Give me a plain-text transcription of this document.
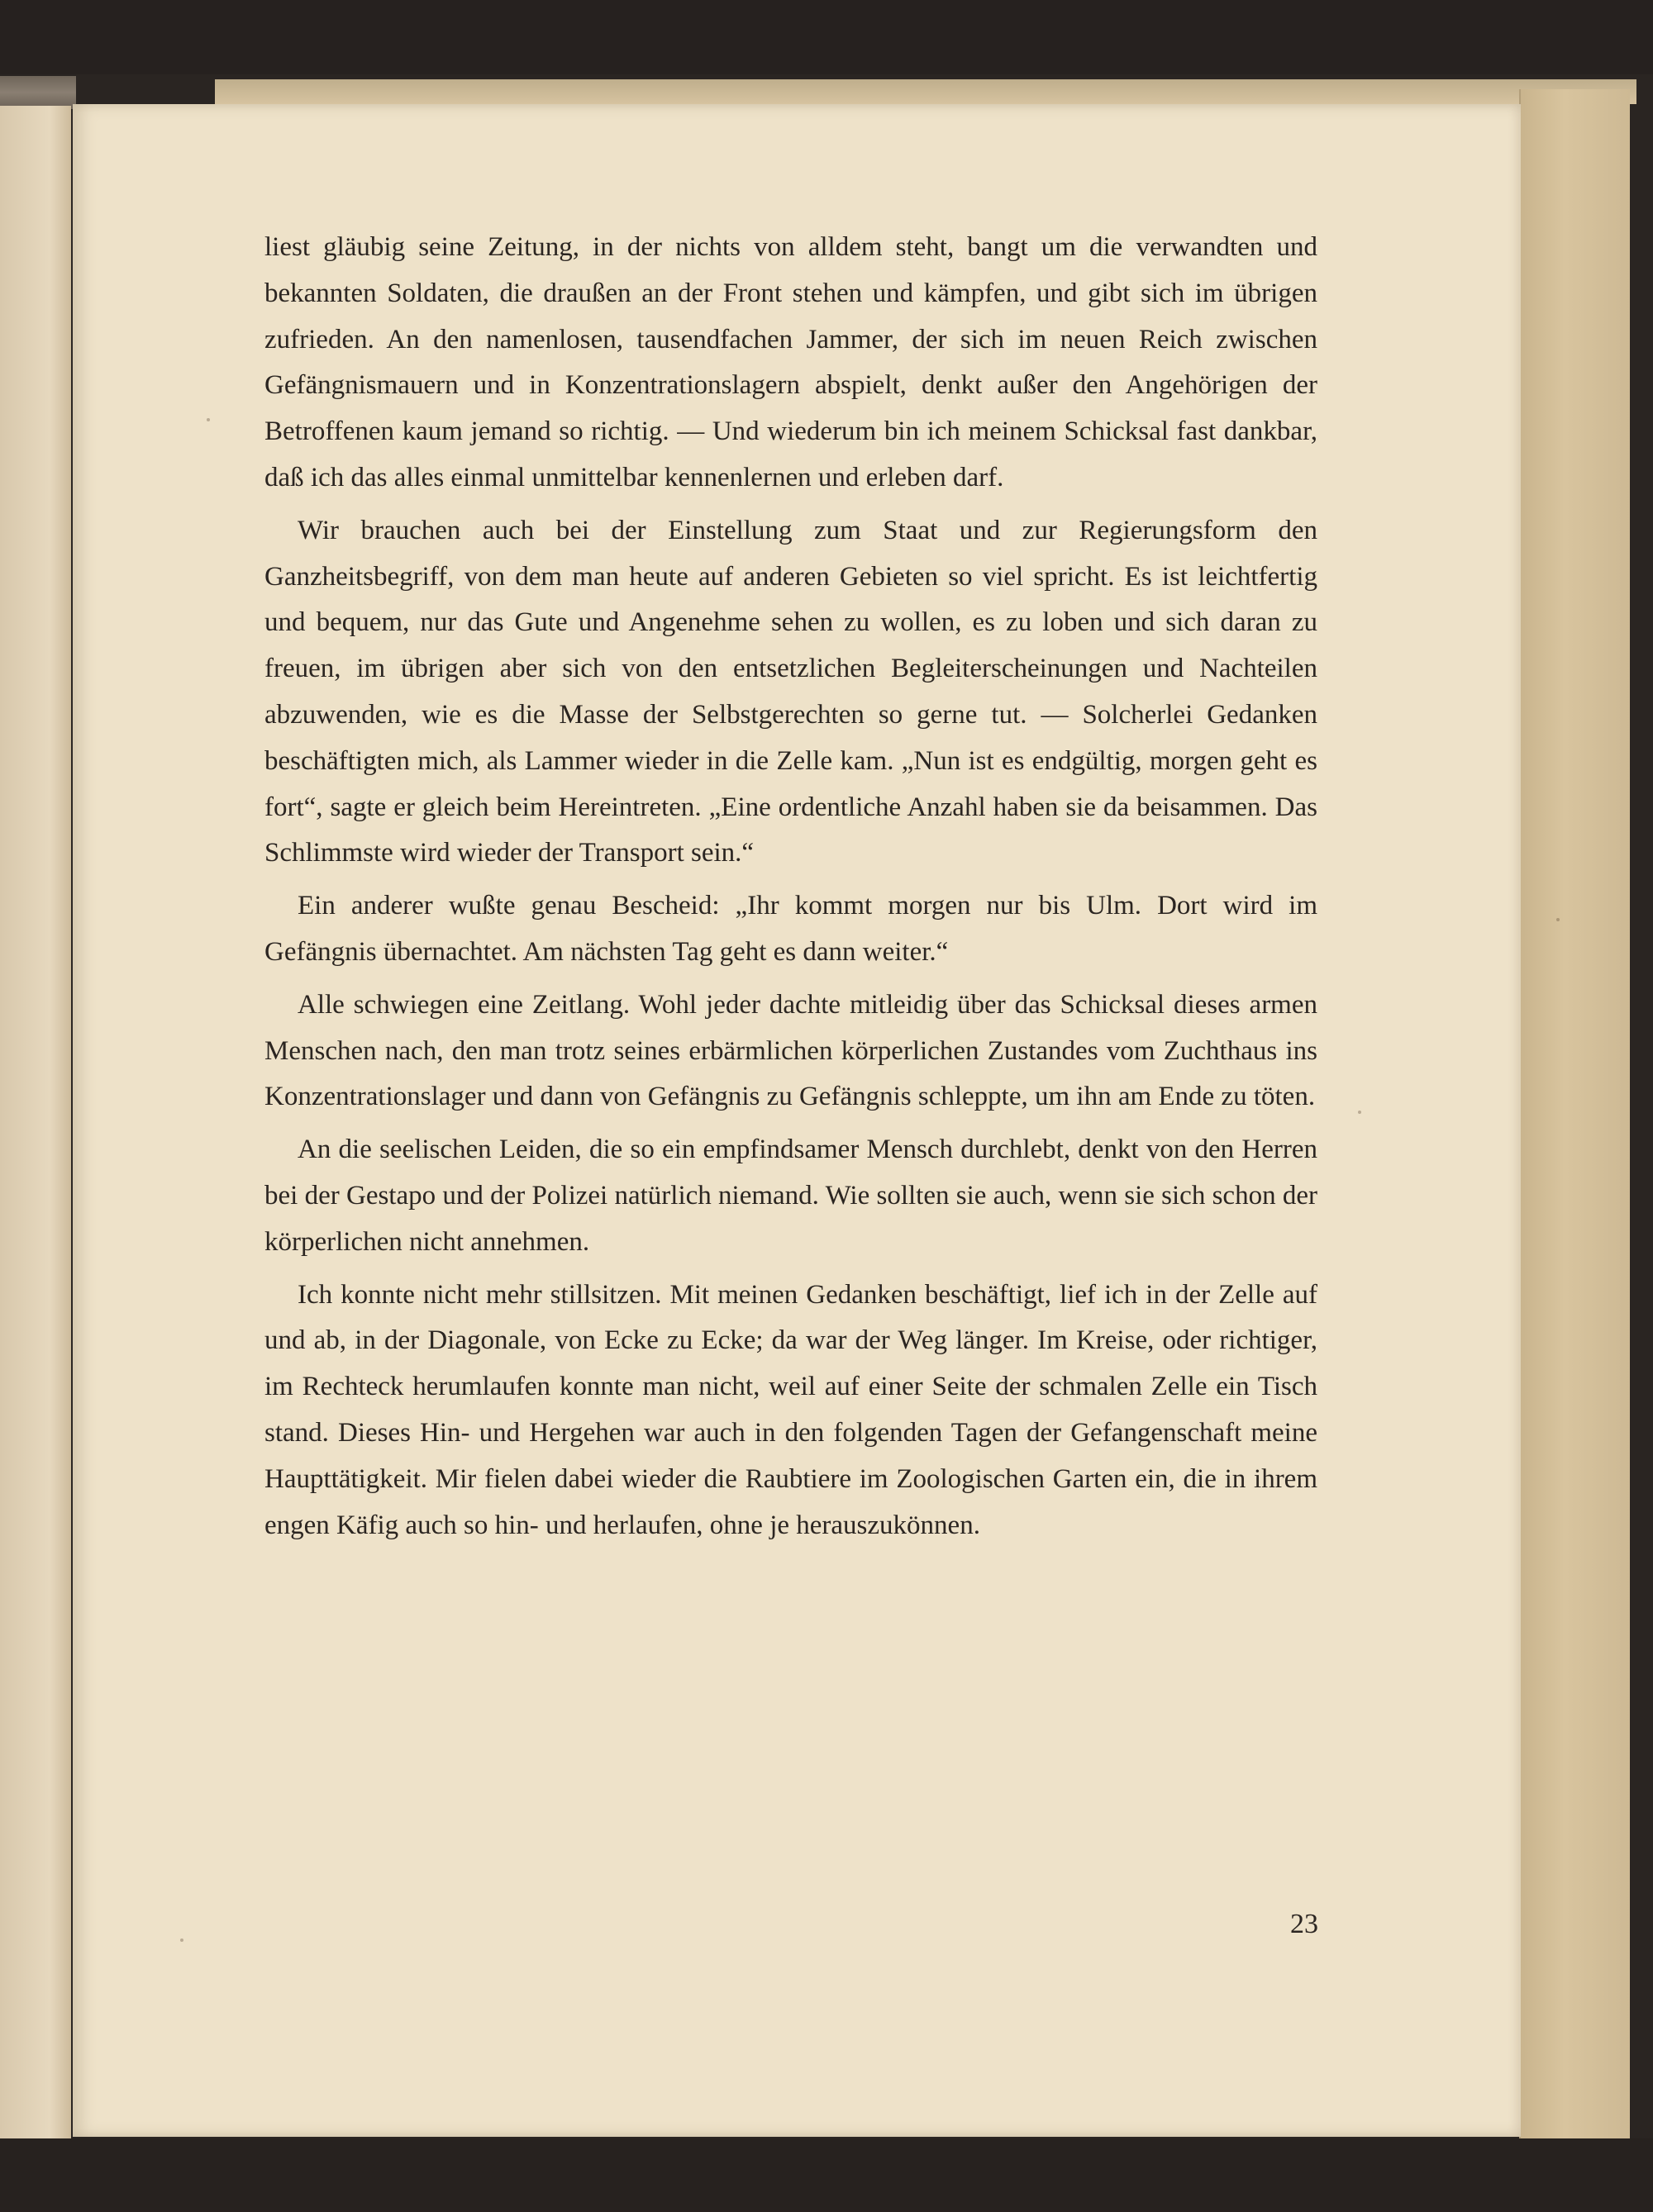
liest gläubig seine Zeitung, in der nichts von alldem steht, bangt um die verwandten und bekannten Soldaten, die draußen an der Front stehen und kämpfen, und gibt sich im übrigen zufrieden. An den namenlosen, tausendfachen Jammer, der sich im neuen Reich zwischen Gefängnismauern und in Konzentrationslagern abspielt, denkt außer den Angehörigen der Betroffenen kaum jemand so richtig. — Und wiederum bin ich meinem Schicksal fast dankbar, daß ich das alles einmal unmittelbar kennenlernen und erleben darf.

Wir brauchen auch bei der Einstellung zum Staat und zur Regierungsform den Ganzheitsbegriff, von dem man heute auf anderen Gebieten so viel spricht. Es ist leichtfertig und bequem, nur das Gute und Angenehme sehen zu wollen, es zu loben und sich daran zu freuen, im übrigen aber sich von den entsetzlichen Begleiterscheinungen und Nachteilen abzuwenden, wie es die Masse der Selbstgerechten so gerne tut. — Solcherlei Gedanken beschäftigten mich, als Lammer wieder in die Zelle kam. „Nun ist es endgültig, morgen geht es fort“, sagte er gleich beim Hereintreten. „Eine ordentliche Anzahl haben sie da beisammen. Das Schlimmste wird wieder der Transport sein.“

Ein anderer wußte genau Bescheid: „Ihr kommt morgen nur bis Ulm. Dort wird im Gefängnis übernachtet. Am nächsten Tag geht es dann weiter.“

Alle schwiegen eine Zeitlang. Wohl jeder dachte mitleidig über das Schicksal dieses armen Menschen nach, den man trotz seines erbärmlichen körperlichen Zustandes vom Zuchthaus ins Konzentrationslager und dann von Gefängnis zu Gefängnis schleppte, um ihn am Ende zu töten.

An die seelischen Leiden, die so ein empfindsamer Mensch durchlebt, denkt von den Herren bei der Gestapo und der Polizei natürlich niemand. Wie sollten sie auch, wenn sie sich schon der körperlichen nicht annehmen.

Ich konnte nicht mehr stillsitzen. Mit meinen Gedanken beschäftigt, lief ich in der Zelle auf und ab, in der Diagonale, von Ecke zu Ecke; da war der Weg länger. Im Kreise, oder richtiger, im Rechteck herumlaufen konnte man nicht, weil auf einer Seite der schmalen Zelle ein Tisch stand. Dieses Hin- und Hergehen war auch in den folgenden Tagen der Gefangenschaft meine Haupttätigkeit. Mir fielen dabei wieder die Raubtiere im Zoologischen Garten ein, die in ihrem engen Käfig auch so hin- und herlaufen, ohne je herauszukönnen.

23
